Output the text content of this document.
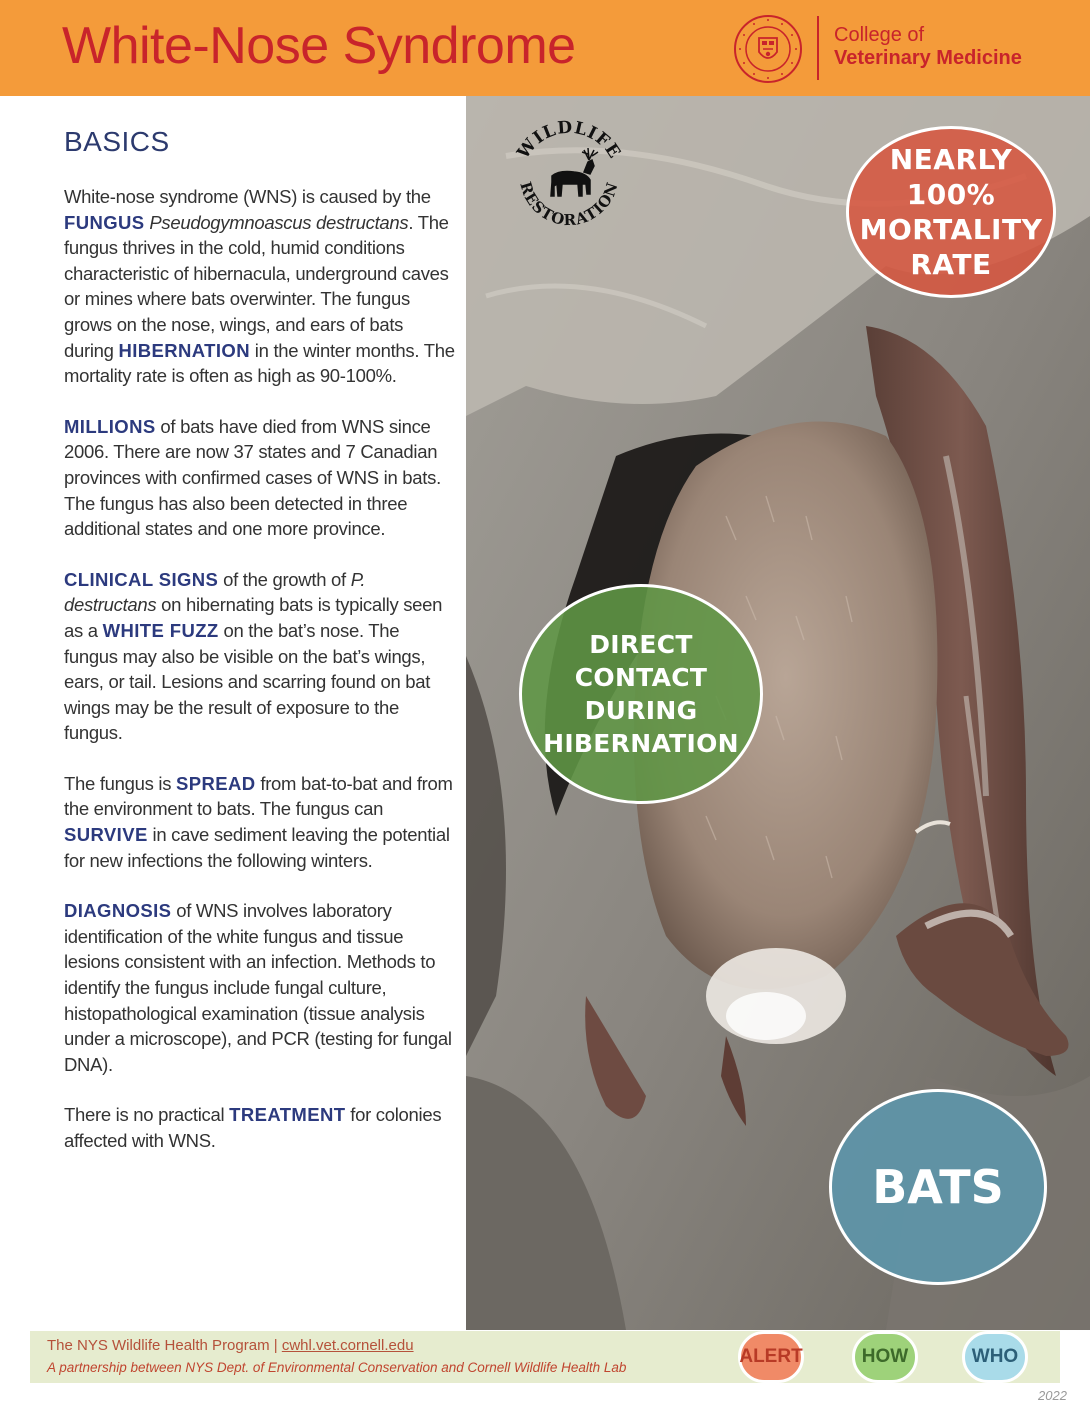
White-Nose Syndrome	College of
Veterinary Medicine
BASICS

White-nose syndrome (WNS) is caused by the FUNGUS Pseudogymnoascus destructans. The fungus thrives in the cold, humid conditions characteristic of hibernacula, underground caves or mines where bats overwinter. The fungus grows on the nose, wings, and ears of bats during HIBERNATION in the winter months. The mortality rate is often as high as 90-100%.

MILLIONS of bats have died from WNS since 2006. There are now 37 states and 7 Canadian provinces with confirmed cases of WNS in bats. The fungus has also been detected in three additional states and one more province.

CLINICAL SIGNS of the growth of P. destructans on hibernating bats is typically seen as a WHITE FUZZ on the bat’s nose. The fungus may also be visible on the bat’s wings, ears, or tail. Lesions and scarring found on bat wings may be the result of exposure to the fungus.

The fungus is SPREAD from bat-to-bat and from the environment to bats. The fungus can SURVIVE in cave sediment leaving the potential for new infections the following winters.

DIAGNOSIS of WNS involves laboratory identification of the white fungus and tissue lesions consistent with an infection. Methods to identify the fungus include fungal culture, histopathological examination (tissue analysis under a microscope), and PCR (testing for fungal DNA).

There is no practical TREATMENT for colonies affected with WNS.

WILDLIFE
RESTORATION
NEARLY
100%
MORTALITY
RATE
DIRECT
CONTACT
DURING
HIBERNATION
BATS
The NYS Wildlife Health Program | cwhl.vet.cornell.edu
A partnership between NYS Dept. of Environmental Conservation and Cornell Wildlife Health Lab
ALERT	HOW	WHO
2022
